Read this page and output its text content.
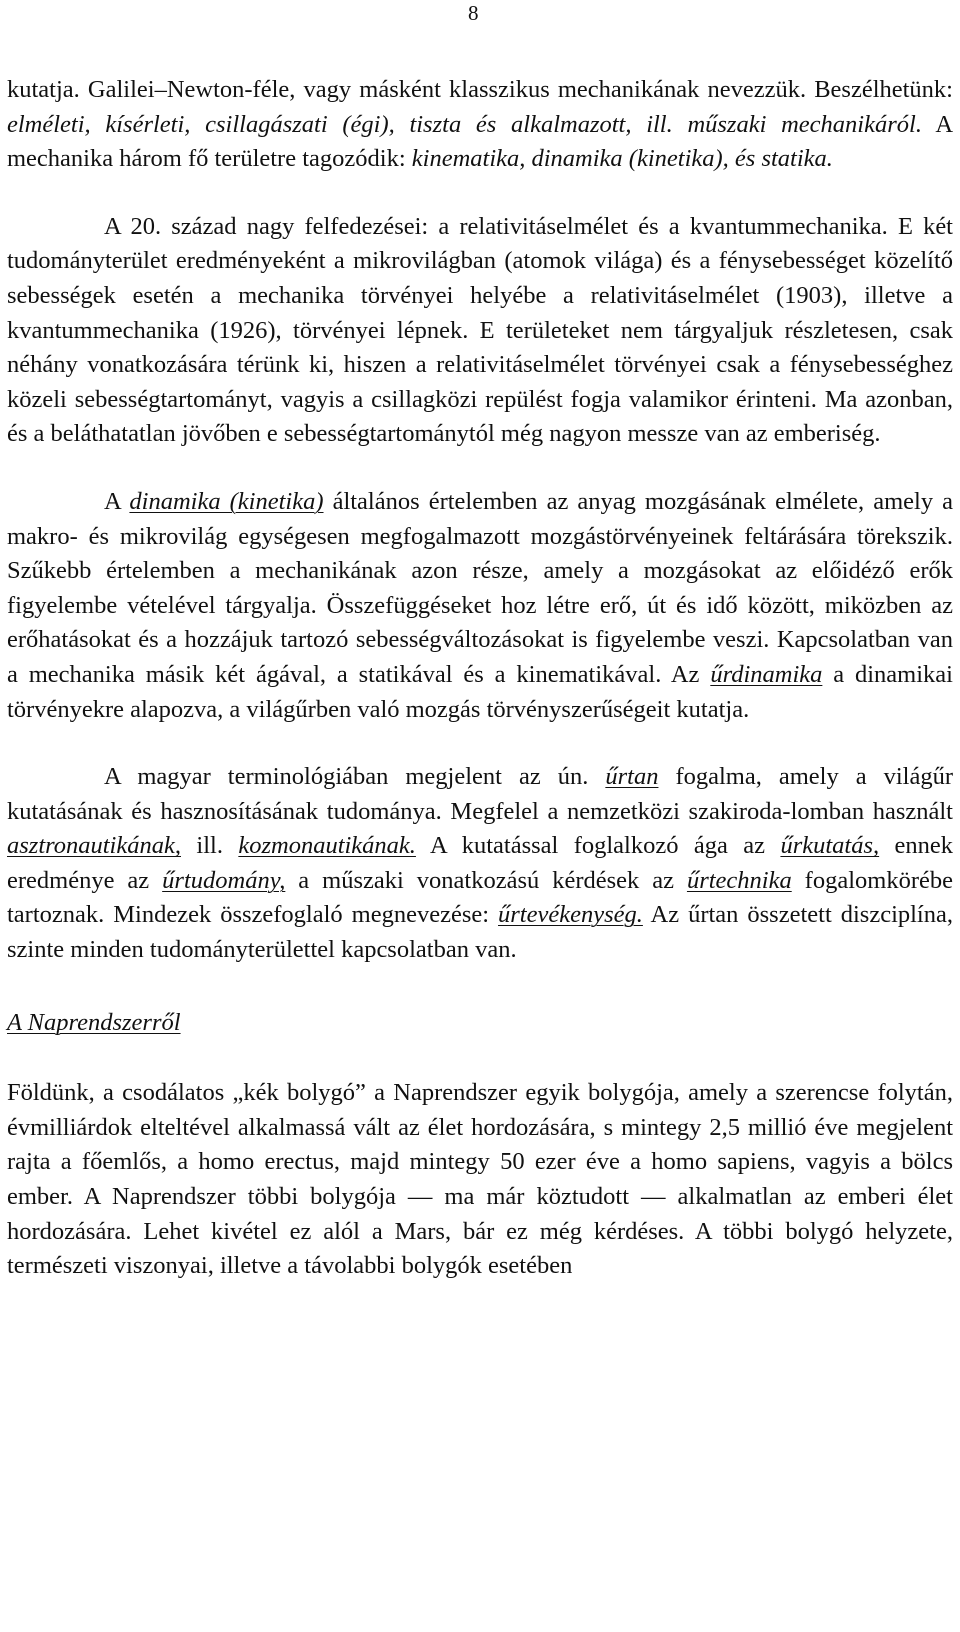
8

kutatja. Galilei–Newton-féle, vagy másként klasszikus mechanikának nevezzük. Beszélhetünk: elméleti, kísérleti, csillagászati (égi), tiszta és alkalmazott, ill. műszaki mechanikáról. A mechanika három fő területre tagozódik: kinematika, dinamika (kinetika), és statika.

A 20. század nagy felfedezései: a relativitáselmélet és a kvantummechanika. E két tudományterület eredményeként a mikrovilágban (atomok világa) és a fénysebességet közelítő sebességek esetén a mechanika törvényei helyébe a relativitáselmélet (1903), illetve a kvantummechanika (1926), törvényei lépnek. E területeket nem tárgyaljuk részletesen, csak néhány vonatkozására térünk ki, hiszen a relativitáselmélet törvényei csak a fénysebességhez közeli sebességtartományt, vagyis a csillagközi repülést fogja valamikor érinteni. Ma azonban, és a beláthatatlan jövőben e sebességtartománytól még nagyon messze van az emberiség.

A dinamika (kinetika) általános értelemben az anyag mozgásának elmélete, amely a makro- és mikrovilág egységesen megfogalmazott mozgástörvényeinek feltárására törekszik. Szűkebb értelemben a mechanikának azon része, amely a mozgásokat az előidéző erők figyelembe vételével tárgyalja. Összefüggéseket hoz létre erő, út és idő között, miközben az erőhatásokat és a hozzájuk tartozó sebességváltozásokat is figyelembe veszi. Kapcsolatban van a mechanika másik két ágával, a statikával és a kinematikával. Az űrdinamika a dinamikai törvényekre alapozva, a világűrben való mozgás törvényszerűségeit kutatja.

A magyar terminológiában megjelent az ún. űrtan fogalma, amely a világűr kutatásának és hasznosításának tudománya. Megfelel a nemzetközi szakiroda-lomban használt asztronautikának, ill. kozmonautikának. A kutatással foglalkozó ága az űrkutatás, ennek eredménye az űrtudomány, a műszaki vonatkozású kérdések az űrtechnika fogalomkörébe tartoznak. Mindezek összefoglaló megnevezése: űrtevékenység. Az űrtan összetett diszciplína, szinte minden tudományterülettel kapcsolatban van.

A Naprendszerről

Földünk, a csodálatos „kék bolygó” a Naprendszer egyik bolygója, amely a szerencse folytán, évmilliárdok elteltével alkalmassá vált az élet hordozására, s mintegy 2,5 millió éve megjelent rajta a főemlős, a homo erectus, majd mintegy 50 ezer éve a homo sapiens, vagyis a bölcs ember. A Naprendszer többi bolygója — ma már köztudott — alkalmatlan az emberi élet hordozására. Lehet kivétel ez alól a Mars, bár ez még kérdéses. A többi bolygó helyzete, természeti viszonyai, illetve a távolabbi bolygók esetében
